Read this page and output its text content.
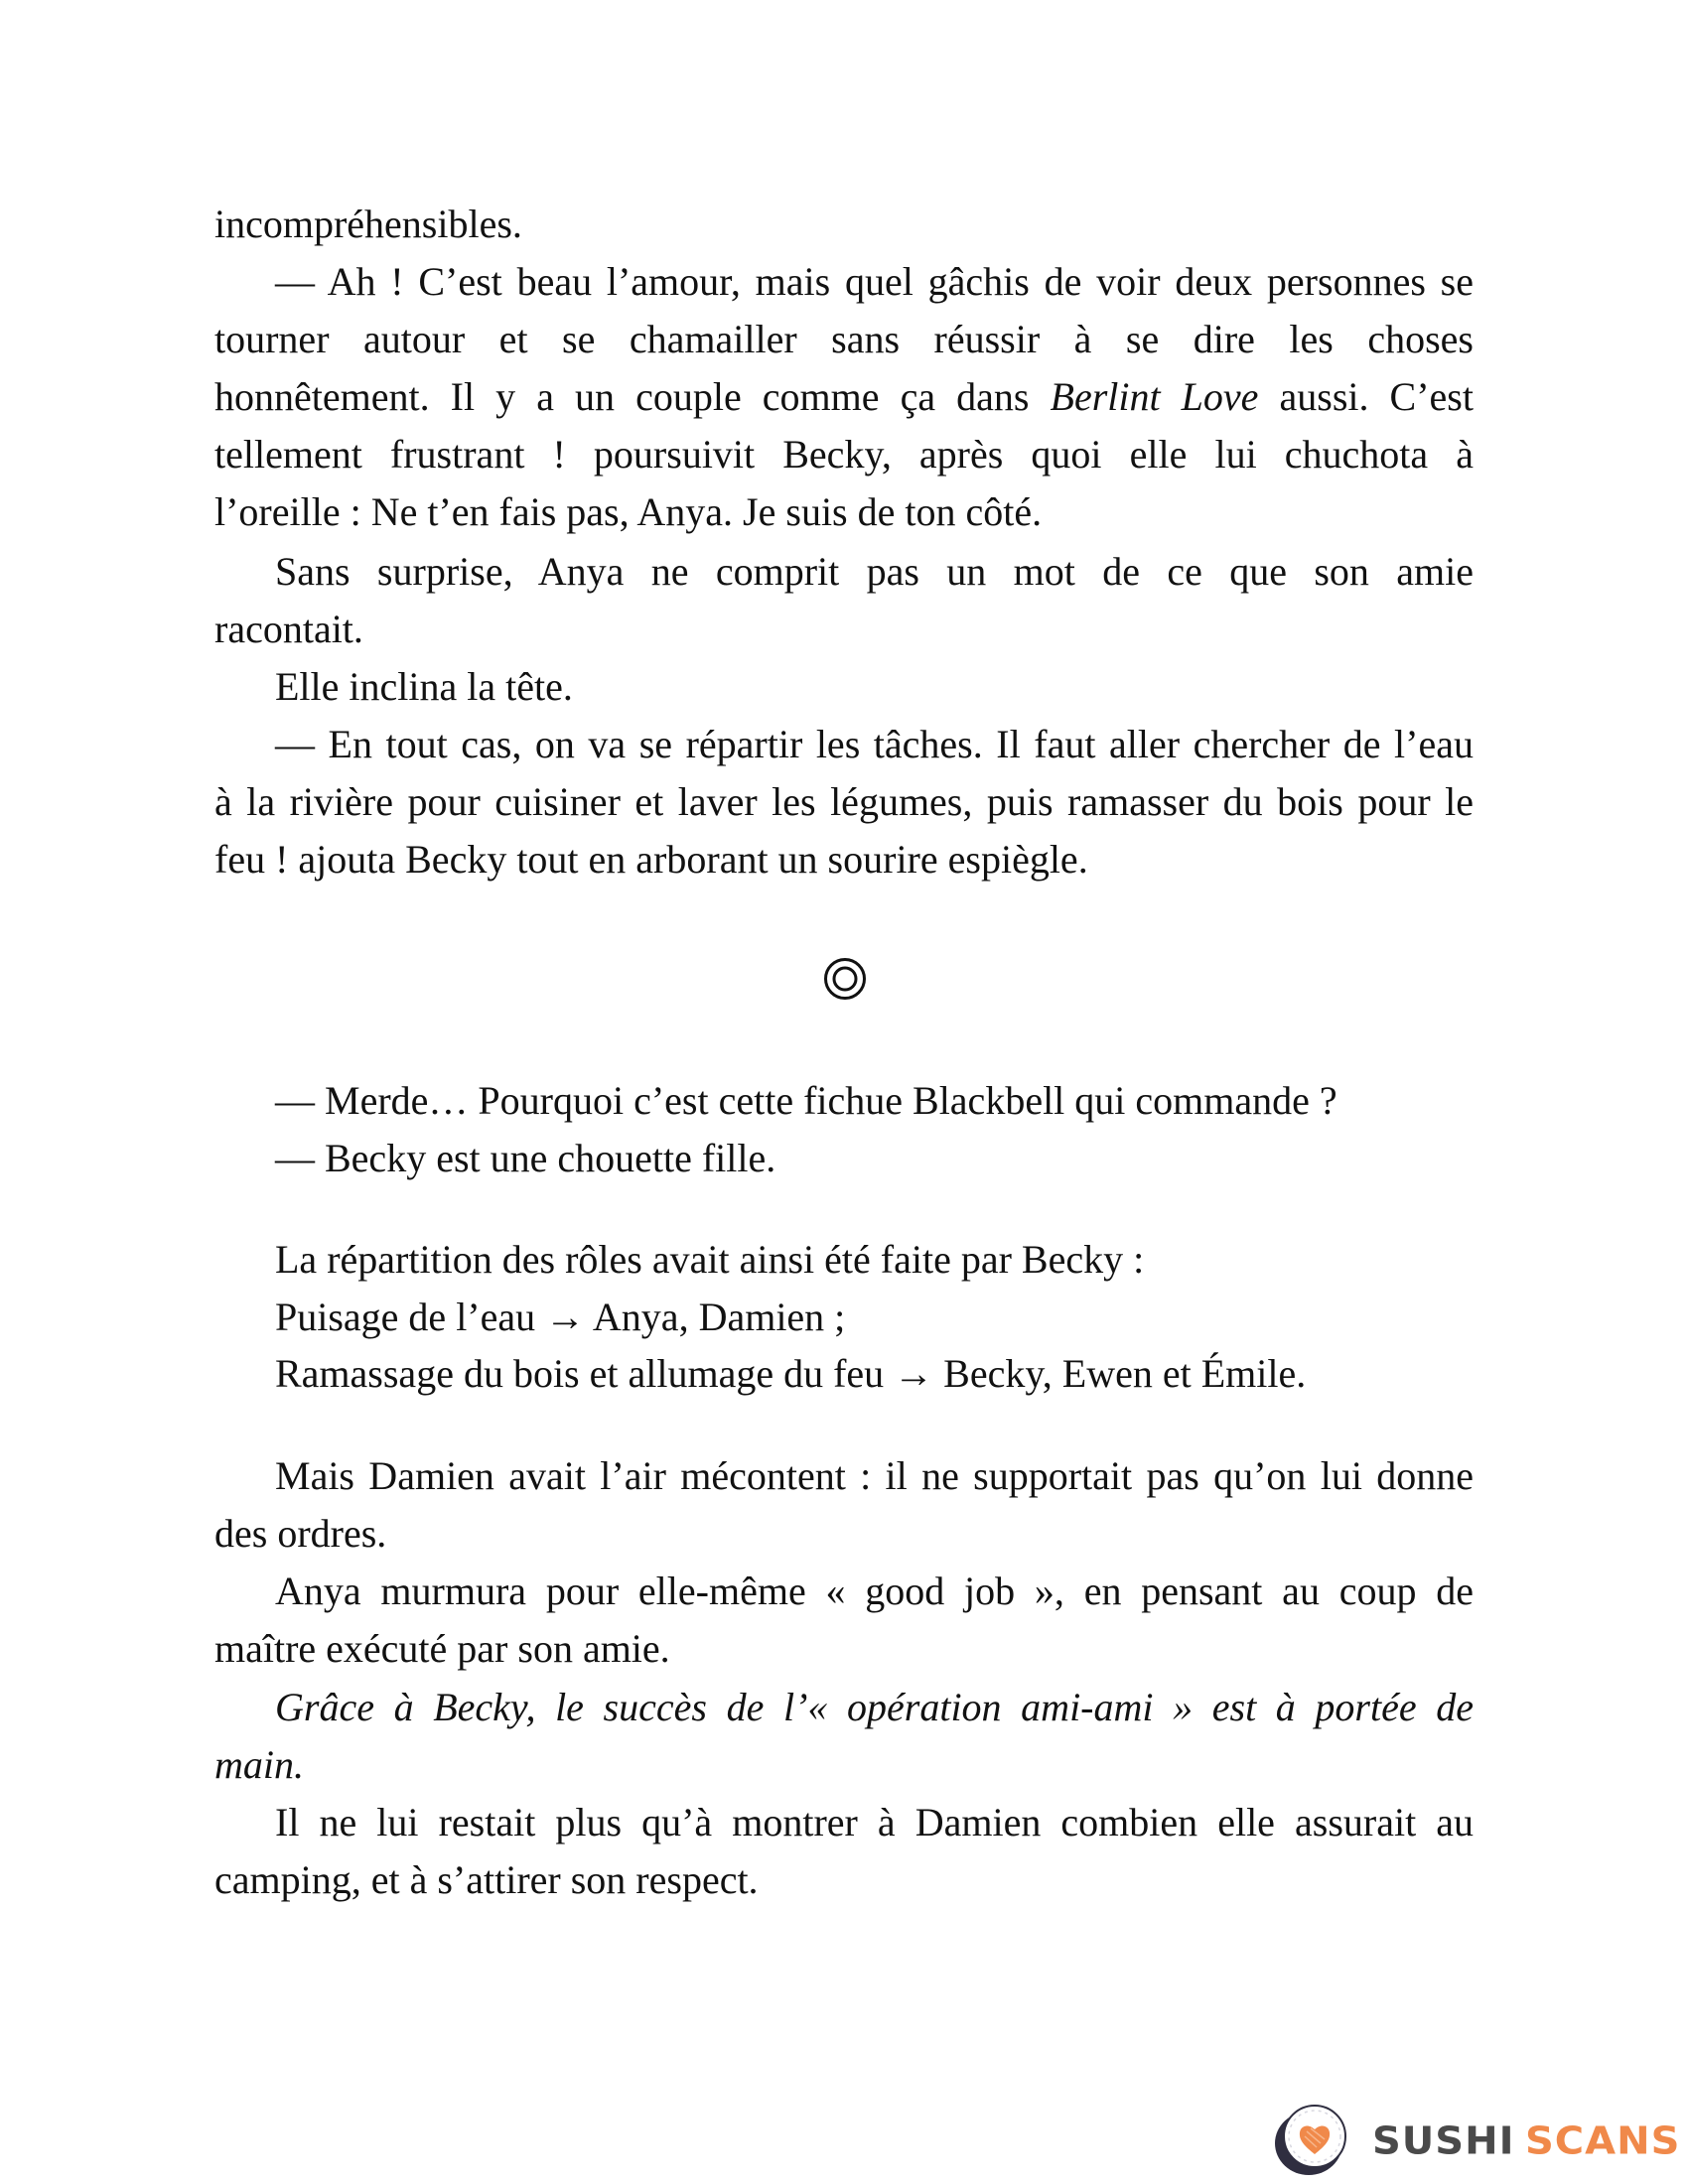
incompréhensibles.
— Ah ! C’est beau l’amour, mais quel gâchis de voir deux personnes se
tourner autour et se chamailler sans réussir à se dire les choses
honnêtement. Il y a un couple comme ça dans Berlint Love aussi. C’est
tellement frustrant ! poursuivit Becky, après quoi elle lui chuchota à
l’oreille : Ne t’en fais pas, Anya. Je suis de ton côté.
Sans surprise, Anya ne comprit pas un mot de ce que son amie
racontait.
Elle inclina la tête.
— En tout cas, on va se répartir les tâches. Il faut aller chercher de l’eau
à la rivière pour cuisiner et laver les légumes, puis ramasser du bois pour le
feu ! ajouta Becky tout en arborant un sourire espiègle.
— Merde… Pourquoi c’est cette fichue Blackbell qui commande ?
— Becky est une chouette fille.
La répartition des rôles avait ainsi été faite par Becky :
Puisage de l’eau → Anya, Damien ;
Ramassage du bois et allumage du feu → Becky, Ewen et Émile.
Mais Damien avait l’air mécontent : il ne supportait pas qu’on lui donne
des ordres.
Anya murmura pour elle-même « good job », en pensant au coup de
maître exécuté par son amie.
Grâce à Becky, le succès de l’« opération ami-ami » est à portée de
main.
Il ne lui restait plus qu’à montrer à Damien combien elle assurait au
camping, et à s’attirer son respect.
SUSHI SCANS
